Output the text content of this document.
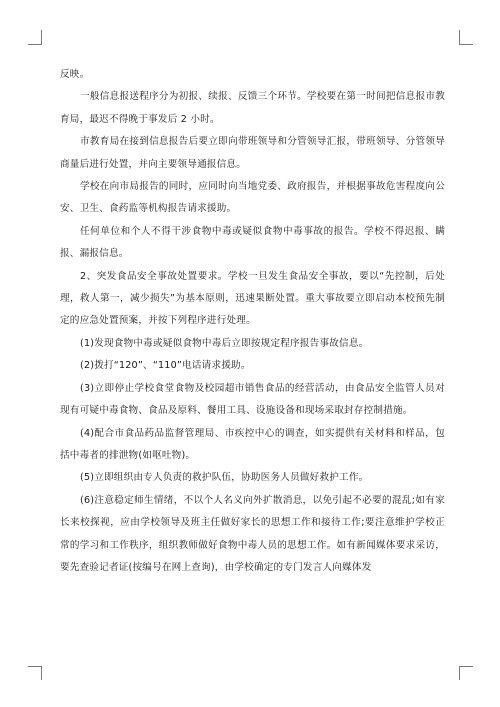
反映。

一般信息报送程序分为初报、续报、反馈三个环节。学校要在第一时间把信息报市教育局，最迟不得晚于事发后 2 小时。

市教育局在接到信息报告后要立即向带班领导和分管领导汇报，带班领导、分管领导商量后进行处置，并向主要领导通报信息。

学校在向市局报告的同时，应同时向当地党委、政府报告，并根据事故危害程度向公安、卫生、食药监等机构报告请求援助。

任何单位和个人不得干涉食物中毒或疑似食物中毒事故的报告。学校不得迟报、瞒报、漏报信息。

2、突发食品安全事故处置要求。学校一旦发生食品安全事故，要以“先控制，后处理，救人第一，减少损失”为基本原则，迅速果断处置。重大事故要立即启动本校预先制定的应急处置预案，并按下列程序进行处理。

(1)发现食物中毒或疑似食物中毒后立即按规定程序报告事故信息。

(2)拨打“120”、“110”电话请求援助。

(3)立即停止学校食堂食物及校园超市销售食品的经营活动，由食品安全监管人员对现有可疑中毒食物、食品及原料、餐用工具、设施设备和现场采取封存控制措施。

(4)配合市食品药品监督管理局、市疾控中心的调查，如实提供有关材料和样品，包括中毒者的排泄物(如呕吐物)。

(5)立即组织由专人负责的救护队伍，协助医务人员做好救护工作。

(6)注意稳定师生情绪，不以个人名义向外扩散消息，以免引起不必要的混乱;如有家长来校探视，应由学校领导及班主任做好家长的思想工作和接待工作;要注意维护学校正常的学习和工作秩序，组织教师做好食物中毒人员的思想工作。如有新闻媒体要求采访，要先查验记者证(按编号在网上查询)，由学校确定的专门发言人向媒体发
